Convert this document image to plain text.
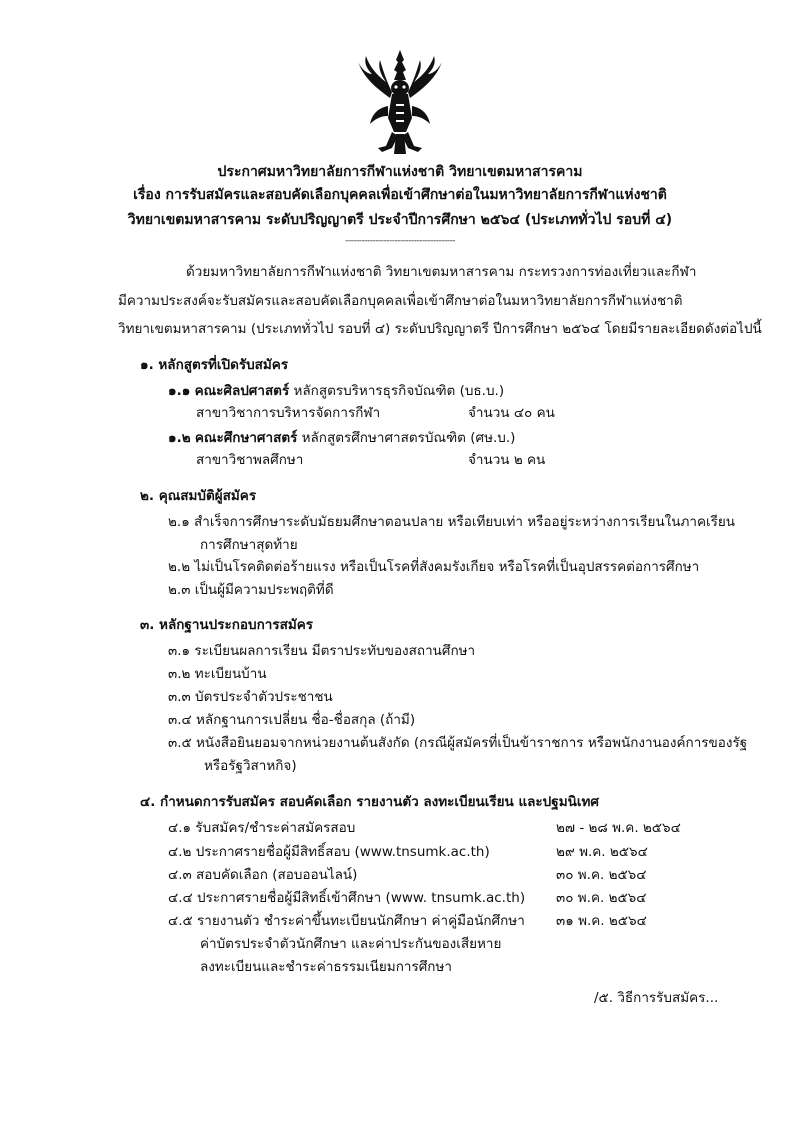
ประกาศมหาวิทยาลัยการกีฬาแห่งชาติ วิทยาเขตมหาสารคาม
เรื่อง การรับสมัครและสอบคัดเลือกบุคคลเพื่อเข้าศึกษาต่อในมหาวิทยาลัยการกีฬาแห่งชาติ
วิทยาเขตมหาสารคาม ระดับปริญญาตรี ประจำปีการศึกษา ๒๕๖๔ (ประเภททั่วไป รอบที่ ๔)
----------------------------------------
ด้วยมหาวิทยาลัยการกีฬาแห่งชาติ วิทยาเขตมหาสารคาม กระทรวงการท่องเที่ยวและกีฬา
มีความประสงค์จะรับสมัครและสอบคัดเลือกบุคคลเพื่อเข้าศึกษาต่อในมหาวิทยาลัยการกีฬาแห่งชาติ
วิทยาเขตมหาสารคาม (ประเภททั่วไป รอบที่ ๔) ระดับปริญญาตรี ปีการศึกษา ๒๕๖๔ โดยมีรายละเอียดดังต่อไปนี้
๑. หลักสูตรที่เปิดรับสมัคร
๑.๑ คณะศิลปศาสตร์ หลักสูตรบริหารธุรกิจบัณฑิต (บธ.บ.)
สาขาวิชาการบริหารจัดการกีฬา	จำนวน ๔๐ คน
๑.๒ คณะศึกษาศาสตร์ หลักสูตรศึกษาศาสตรบัณฑิต (ศษ.บ.)
สาขาวิชาพลศึกษา	จำนวน ๒ คน
๒. คุณสมบัติผู้สมัคร
๒.๑ สำเร็จการศึกษาระดับมัธยมศึกษาตอนปลาย หรือเทียบเท่า หรืออยู่ระหว่างการเรียนในภาคเรียน
การศึกษาสุดท้าย
๒.๒ ไม่เป็นโรคติดต่อร้ายแรง หรือเป็นโรคที่สังคมรังเกียจ หรือโรคที่เป็นอุปสรรคต่อการศึกษา
๒.๓ เป็นผู้มีความประพฤติที่ดี
๓. หลักฐานประกอบการสมัคร
๓.๑ ระเบียนผลการเรียน มีตราประทับของสถานศึกษา
๓.๒ ทะเบียนบ้าน
๓.๓ บัตรประจำตัวประชาชน
๓.๔ หลักฐานการเปลี่ยน ชื่อ-ชื่อสกุล (ถ้ามี)
๓.๕ หนังสือยินยอมจากหน่วยงานต้นสังกัด (กรณีผู้สมัครที่เป็นข้าราชการ หรือพนักงานองค์การของรัฐ
หรือรัฐวิสาหกิจ)
๔. กำหนดการรับสมัคร สอบคัดเลือก รายงานตัว ลงทะเบียนเรียน และปฐมนิเทศ
๔.๑ รับสมัคร/ชำระค่าสมัครสอบ	๒๗ - ๒๘ พ.ค. ๒๕๖๔
๔.๒ ประกาศรายชื่อผู้มีสิทธิ์สอบ (www.tnsumk.ac.th)	๒๙ พ.ค. ๒๕๖๔
๔.๓ สอบคัดเลือก (สอบออนไลน์)	๓๐ พ.ค. ๒๕๖๔
๔.๔ ประกาศรายชื่อผู้มีสิทธิ์เข้าศึกษา (www. tnsumk.ac.th) ๓๐ พ.ค. ๒๕๖๔
๔.๕ รายงานตัว ชำระค่าขึ้นทะเบียนนักศึกษา ค่าคู่มือนักศึกษา ๓๑ พ.ค. ๒๕๖๔
ค่าบัตรประจำตัวนักศึกษา และค่าประกันของเสียหาย
ลงทะเบียนและชำระค่าธรรมเนียมการศึกษา
/๕. วิธีการรับสมัคร...
